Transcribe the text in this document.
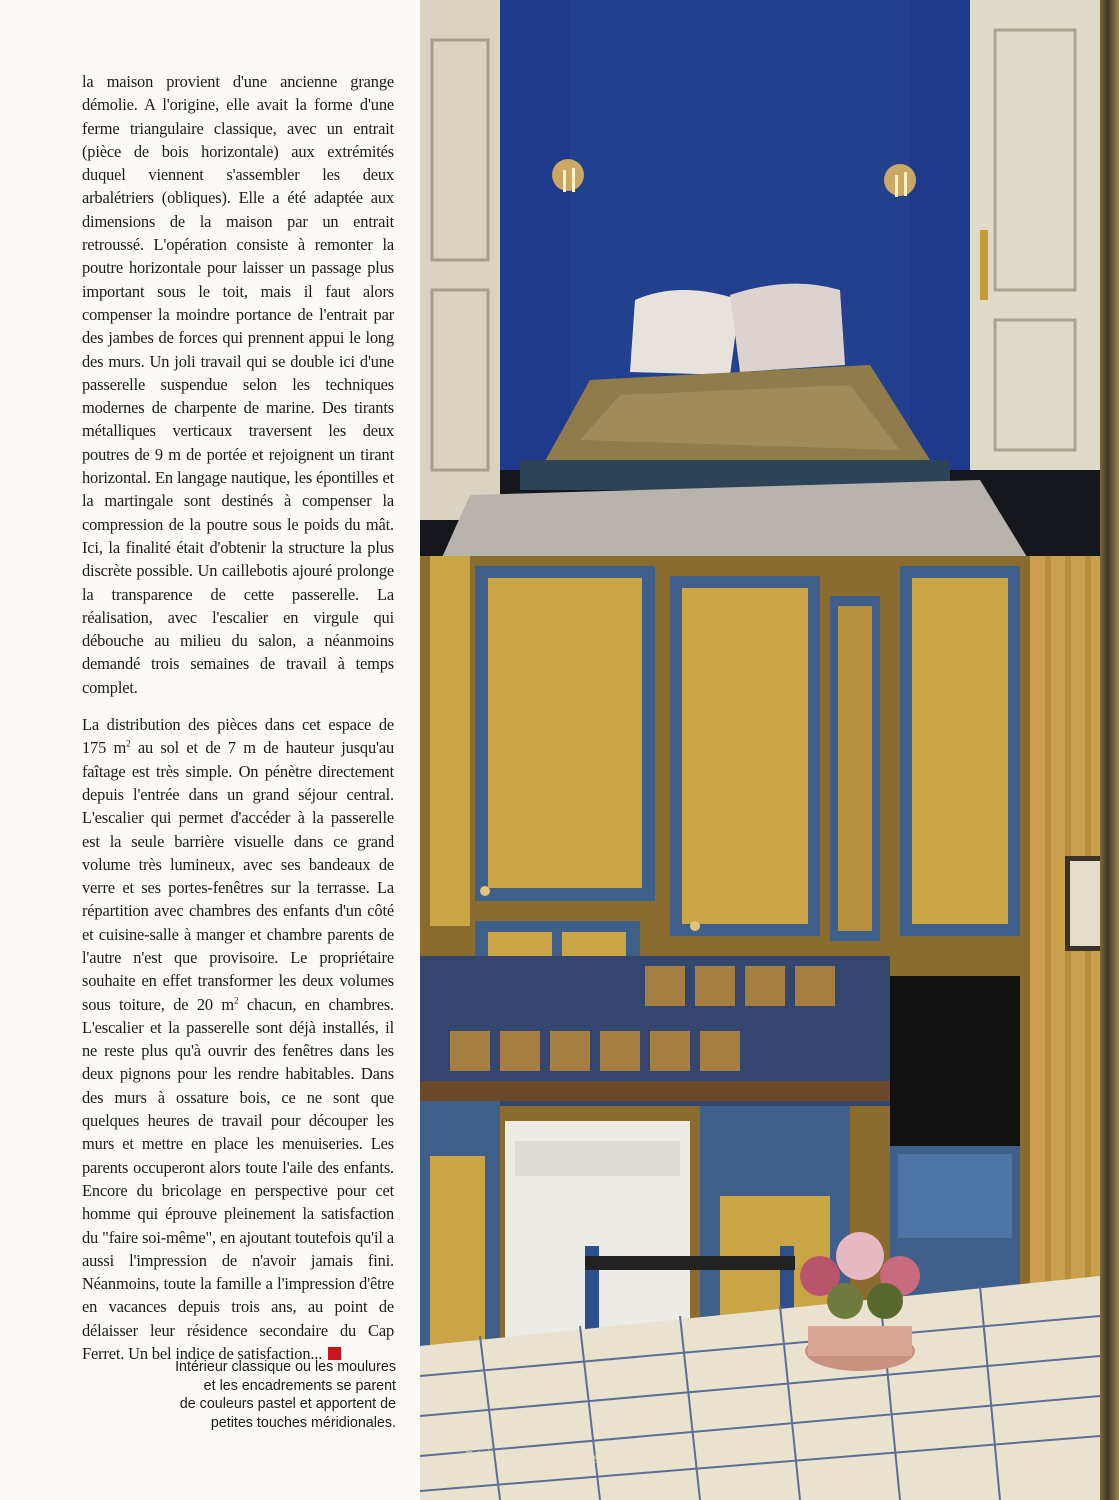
la maison provient d'une ancienne grange démolie. A l'origine, elle avait la forme d'une ferme triangulaire classique, avec un entrait (pièce de bois horizontale) aux extrémités duquel viennent s'assembler les deux arbalétriers (obliques). Elle a été adaptée aux dimensions de la maison par un entrait retroussé. L'opération consiste à remonter la poutre horizontale pour laisser un passage plus important sous le toit, mais il faut alors compenser la moindre portance de l'entrait par des jambes de forces qui prennent appui le long des murs. Un joli travail qui se double ici d'une passerelle suspendue selon les techniques modernes de charpente de marine. Des tirants métalliques verticaux traversent les deux poutres de 9 m de portée et rejoignent un tirant horizontal. En langage nautique, les épontilles et la martingale sont destinés à compenser la compression de la poutre sous le poids du mât. Ici, la finalité était d'obtenir la structure la plus discrète possible. Un caillebotis ajouré prolonge la transparence de cette passerelle. La réalisation, avec l'escalier en virgule qui débouche au milieu du salon, a néanmoins demandé trois semaines de travail à temps complet.

La distribution des pièces dans cet espace de 175 $m^2$ au sol et de 7 m de hauteur jusqu'au faîtage est très simple. On pénètre directement depuis l'entrée dans un grand séjour central. L'escalier qui permet d'accéder à la passerelle est la seule barrière visuelle dans ce grand volume très lumineux, avec ses bandeaux de verre et ses portes-fenêtres sur la terrasse. La répartition avec chambres des enfants d'un côté et cuisine-salle à manger et chambre parents de l'autre n'est que provisoire. Le propriétaire souhaite en effet transformer les deux volumes sous toiture, de 20 $m^2$ chacun, en chambres. L'escalier et la passerelle sont déjà installés, il ne reste plus qu'à ouvrir des fenêtres dans les deux pignons pour les rendre habitables. Dans des murs à ossature bois, ce ne sont que quelques heures de travail pour découper les murs et mettre en place les menuiseries. Les parents occuperont alors toute l'aile des enfants. Encore du bricolage en perspective pour cet homme qui éprouve pleinement la satisfaction du "faire soi-même", en ajoutant toutefois qu'il a aussi l'impression de n'avoir jamais fini. Néanmoins, toute la famille a l'impression d'être en vacances depuis trois ans, au point de délaisser leur résidence secondaire du Cap Ferret. Un bel indice de satisfaction...

Intérieur classique ou les moulures
et les encadrements se parent
de couleurs pastel et apportent de
petites touches méridionales.
maisons & Bois page 36
